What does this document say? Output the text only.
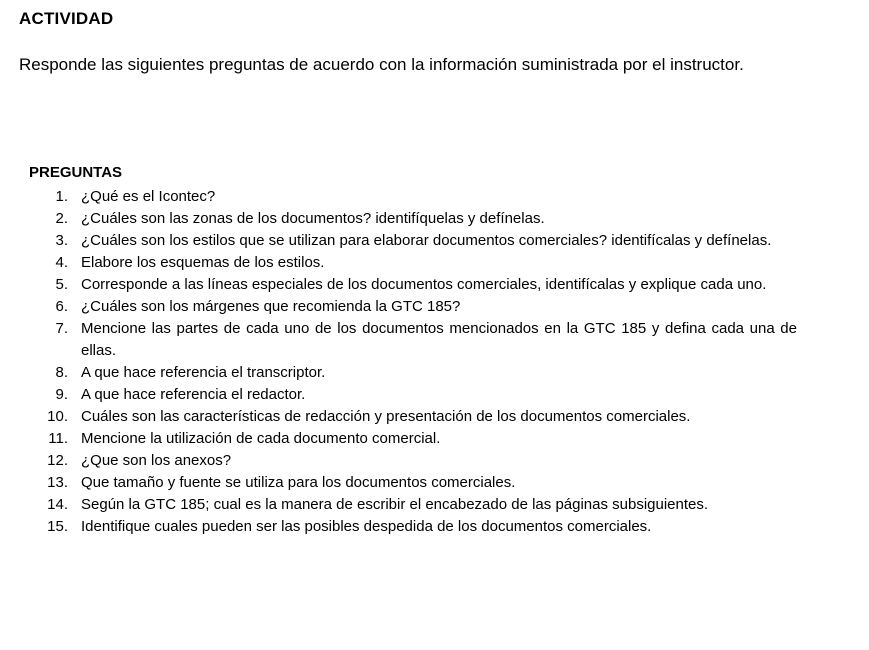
ACTIVIDAD
Responde las siguientes preguntas de acuerdo con la información suministrada por el instructor.
PREGUNTAS
1. ¿Qué es el Icontec?
2. ¿Cuáles son las zonas de los documentos? identifíquelas y defínelas.
3. ¿Cuáles son los estilos que se utilizan para elaborar documentos comerciales? identifícalas y defínelas.
4. Elabore los esquemas de los estilos.
5. Corresponde a las líneas especiales de los documentos comerciales, identifícalas y explique cada uno.
6. ¿Cuáles son los márgenes que recomienda la GTC 185?
7. Mencione las partes de cada uno de los documentos mencionados en la GTC 185 y defina cada una de ellas.
8. A que hace referencia el transcriptor.
9. A que hace referencia el redactor.
10. Cuáles son las características de redacción y presentación de los documentos comerciales.
11. Mencione la utilización de cada documento comercial.
12. ¿Que son los anexos?
13. Que tamaño y fuente se utiliza para los documentos comerciales.
14. Según la GTC 185; cual es la manera de escribir el encabezado de las páginas subsiguientes.
15. Identifique cuales pueden ser las posibles despedida de los documentos comerciales.
